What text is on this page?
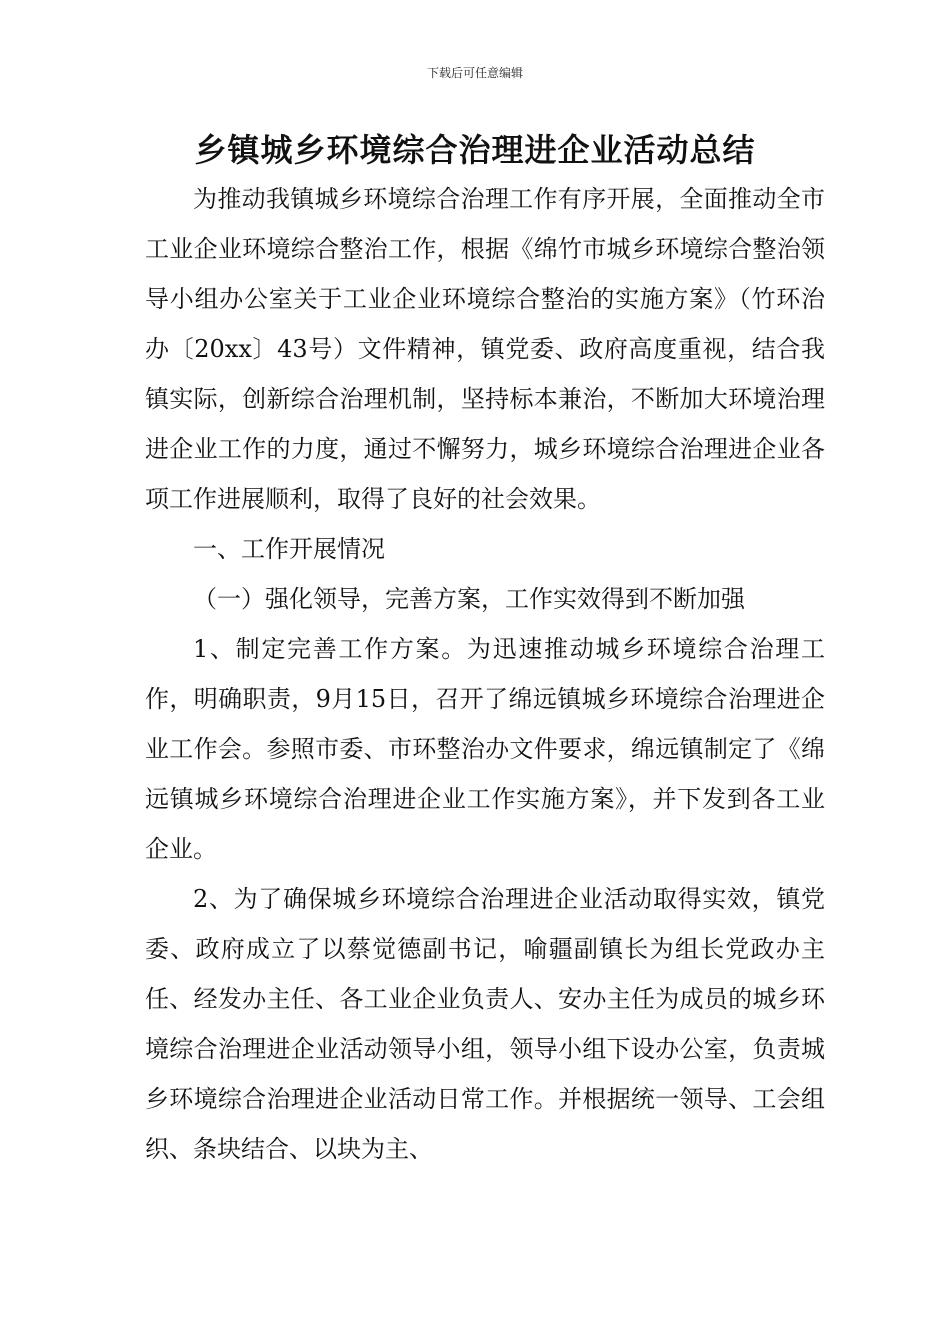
下载后可任意编辑
乡镇城乡环境综合治理进企业活动总结

为推动我镇城乡环境综合治理工作有序开展，全面推动全市工业企业环境综合整治工作，根据《绵竹市城乡环境综合整治领导小组办公室关于工业企业环境综合整治的实施方案》（竹环治办〔20xx〕43号）文件精神，镇党委、政府高度重视，结合我镇实际，创新综合治理机制，坚持标本兼治，不断加大环境治理进企业工作的力度，通过不懈努力，城乡环境综合治理进企业各项工作进展顺利，取得了良好的社会效果。

一、工作开展情况

（一）强化领导，完善方案，工作实效得到不断加强

1、制定完善工作方案。为迅速推动城乡环境综合治理工作，明确职责，9月15日，召开了绵远镇城乡环境综合治理进企业工作会。参照市委、市环整治办文件要求，绵远镇制定了《绵远镇城乡环境综合治理进企业工作实施方案》，并下发到各工业企业。

2、为了确保城乡环境综合治理进企业活动取得实效，镇党委、政府成立了以蔡觉德副书记，喻疆副镇长为组长党政办主任、经发办主任、各工业企业负责人、安办主任为成员的城乡环境综合治理进企业活动领导小组，领导小组下设办公室，负责城乡环境综合治理进企业活动日常工作。并根据统一领导、工会组织、条块结合、以块为主、
